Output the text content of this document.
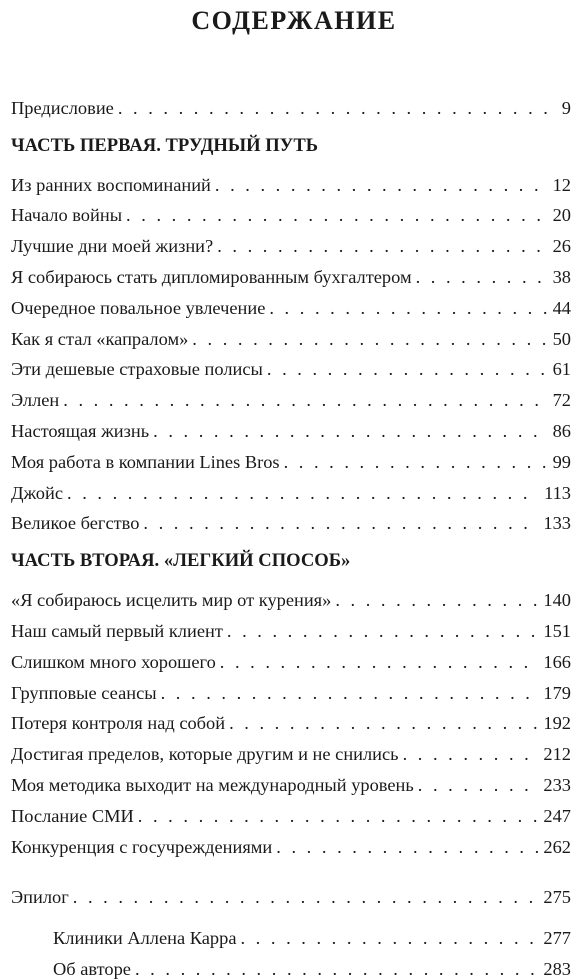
СОДЕРЖАНИЕ
Предисловие . . .	9
ЧАСТЬ ПЕРВАЯ. ТРУДНЫЙ ПУТЬ
Из ранних воспоминаний . . .	12
Начало войны . . .	20
Лучшие дни моей жизни? . . .	26
Я собираюсь стать дипломированным бухгалтером . . .	38
Очередное повальное увлечение . . .	44
Как я стал «капралом» . . .	50
Эти дешевые страховые полисы . . .	61
Эллен . . .	72
Настоящая жизнь . . .	86
Моя работа в компании Lines Bros . . .	99
Джойс . . .	113
Великое бегство . . .	133
ЧАСТЬ ВТОРАЯ. «ЛЕГКИЙ СПОСОБ»
«Я собираюсь исцелить мир от курения» . . .	140
Наш самый первый клиент . . .	151
Слишком много хорошего . . .	166
Групповые сеансы . . .	179
Потеря контроля над собой . . .	192
Достигая пределов, которые другим и не снились . . .	212
Моя методика выходит на международный уровень . . .	233
Послание СМИ . . .	247
Конкуренция с госучреждениями . . .	262
Эпилог . . .	275
Клиники Аллена Карра . . .	277
Об авторе . . .	283
